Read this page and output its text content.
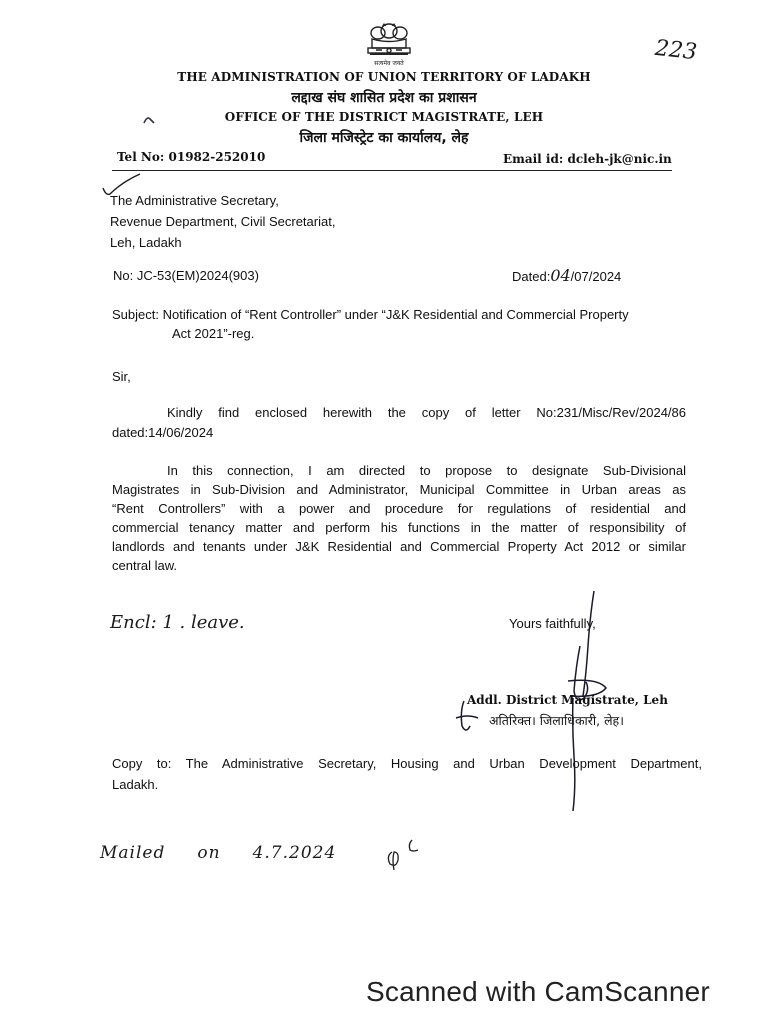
223
सत्यमेव जयते
THE ADMINISTRATION OF UNION TERRITORY OF LADAKH
लद्दाख संघ शासित प्रदेश का प्रशासन
OFFICE OF THE DISTRICT MAGISTRATE, LEH
जिला मजिस्ट्रेट का कार्यालय, लेह
Tel No: 01982-252010	Email id: dcleh-jk@nic.in
The Administrative Secretary,
Revenue Department, Civil Secretariat,
Leh, Ladakh
No: JC-53(EM)2024(903)	Dated:04/07/2024
Subject: Notification of “Rent Controller” under “J&K Residential and Commercial Property
Act 2021”-reg.
Sir,
Kindly find enclosed herewith the copy of letter No:231/Misc/Rev/2024/86
dated:14/06/2024
In this connection, I am directed to propose to designate Sub-Divisional
Magistrates in Sub-Division and Administrator, Municipal Committee in Urban areas as
“Rent Controllers” with a power and procedure for regulations of residential and
commercial tenancy matter and perform his functions in the matter of responsibility of
landlords and tenants under J&K Residential and Commercial Property Act 2012 or similar
central law.
Encl: 1 . leave.	Yours faithfully,
Addl. District Magistrate, Leh
अतिरिक्त। जिलाधिकारी, लेह।
Copy to: The Administrative Secretary, Housing and Urban Development Department,
Ladakh.
Mailed     on     4.7.2024
Scanned with CamScanner
